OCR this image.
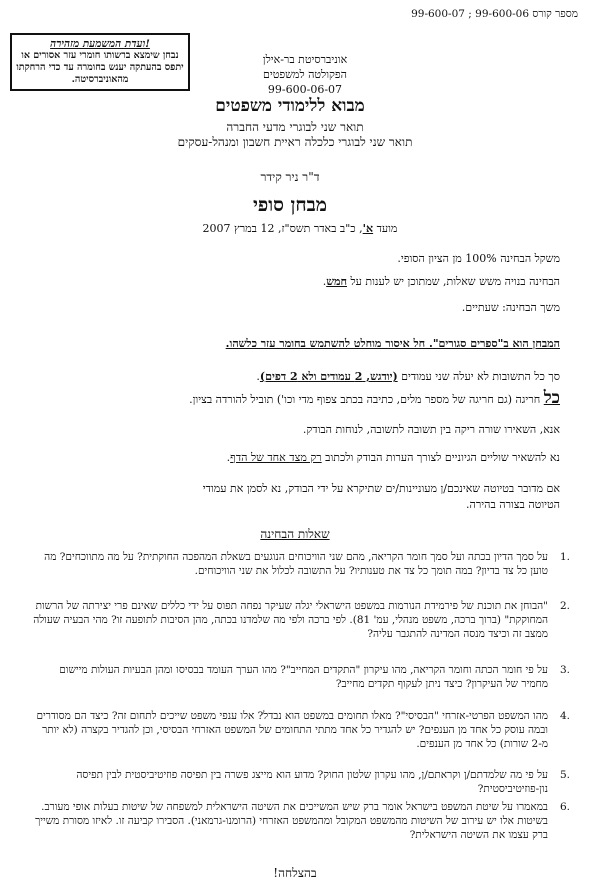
מספר קורס 99-600-06 ; 99-600-07
!ועדת המשמעת מזהירה
נבחן שימצא ברשותו חומרי עזר אסורים או יתפס בהעתקה יענש בחומרה עד כדי הרחקתו מהאוניברסיטה.
אוניברסיטת בר-אילן
הפקולטה למשפטים
99-600-06-07
מבוא ללימודי משפטים
תואר שני לבוגרי מדעי החברה
תואר שני לבוגרי כלכלה ראיית חשבון ומנהל-עסקים
ד"ר ניר קידר
מבחן סופי
מועד א', כ"ב באדר תשס"ז, 12 במרץ 2007
משקל הבחינה 100% מן הציון הסופי.
הבחינה בנויה משש שאלות, שמתוכן יש לענות על חמש.
משך הבחינה: שעתיים.
המבחן הוא ב"ספרים סגורים". חל איסור מוחלט להשתמש בחומר עזר כלשהו.
סך כל התשובות לא יעלה שני עמודים (יודגש, 2 עמודים ולא 2 דפים).
כל חריגה (גם חריגה של מספר מלים, כתיבה בכתב צפוף מדי וכו') תוביל להורדה בציון.
אנא, השאירו שורה ריקה בין תשובה לתשובה, לנוחות הבודק.
נא להשאיר שוליים הגיוניים לצורך הערות הבודק ולכתוב רק מצד אחד של הדף.
אם מדובר בטיוטה שאינכם/ן מעוניינות/ים שתיקרא על ידי הבודק, נא לסמן את עמודי
הטיוטה בצורה בהירה.
שאלות הבחינה
.1
על סמך הדיון בכתה ועל סמך חומר הקריאה, מהם שני הוויכוחים הנוגעים בשאלת המהפכה החוקתית? על מה מתווכחים? מה טוען כל צד בדיון? במה תומך כל צד את טענותיו? על התשובה לכלול את שני הוויכוחים.
.2
"הבוחן את תוכנת של פירמידת הנורמות במשפט הישראלי יגלה שעיקר נפחה תפוס על ידי כללים שאינם פרי יצירתה של הרשות המחוקקת" (ברוך ברכה, משפט מנהלי, עמ' 81). לפי ברכה ולפי מה שלמדנו בכתה, מהן הסיבות לתופעה זו? מהי הבעיה שעולה ממצב זה וכיצד מנסה המדינה להתגבר עליה?
.3
על פי חומר הכתה וחומר הקריאה, מהו עיקרון "התקדים המחייב"? מהו הערך העומד בבסיסו ומהן הבעיות העולות מיישום מחמיר של העיקרון? כיצד ניתן לעקוף תקדים מחייב?
.4
מהו המשפט הפרטי-אזרחי "הבסיסי"? מאלו תחומים במשפט הוא נבדל? אלו ענפי משפט שייכים לתחום זה? כיצד הם מסודרים ובמה עוסק כל אחד מן הענפים? יש להגדיר כל אחד מתתי התחומים של המשפט האזרחי הבסיסי, וכן להגדיר בקצרה (לא יותר מ-2 שורות) כל אחד מן הענפים.
.5
על פי מה שלמדתם/ן וקראתם/ן, מהו עקרון שלטון החוק? מדוע הוא מייצג פשרה בין תפיסה פוזיטיביסטית לבין תפיסה נון-פוזיטיביסטית?
.6
במאמרו על שיטת המשפט בישראל אומר ברק שיש המשייכים את השיטה הישראלית למשפחה של שיטות בעלות אופי מעורב. בשיטות אלו יש עירוב של השיטות מהמשפט המקובל ומהמשפט האזרחי (הרומנו-גרמאני). הסבירו קביעה זו. לאיזו מסורת משייך ברק עצמו את השיטה הישראלית?
!בהצלחה
